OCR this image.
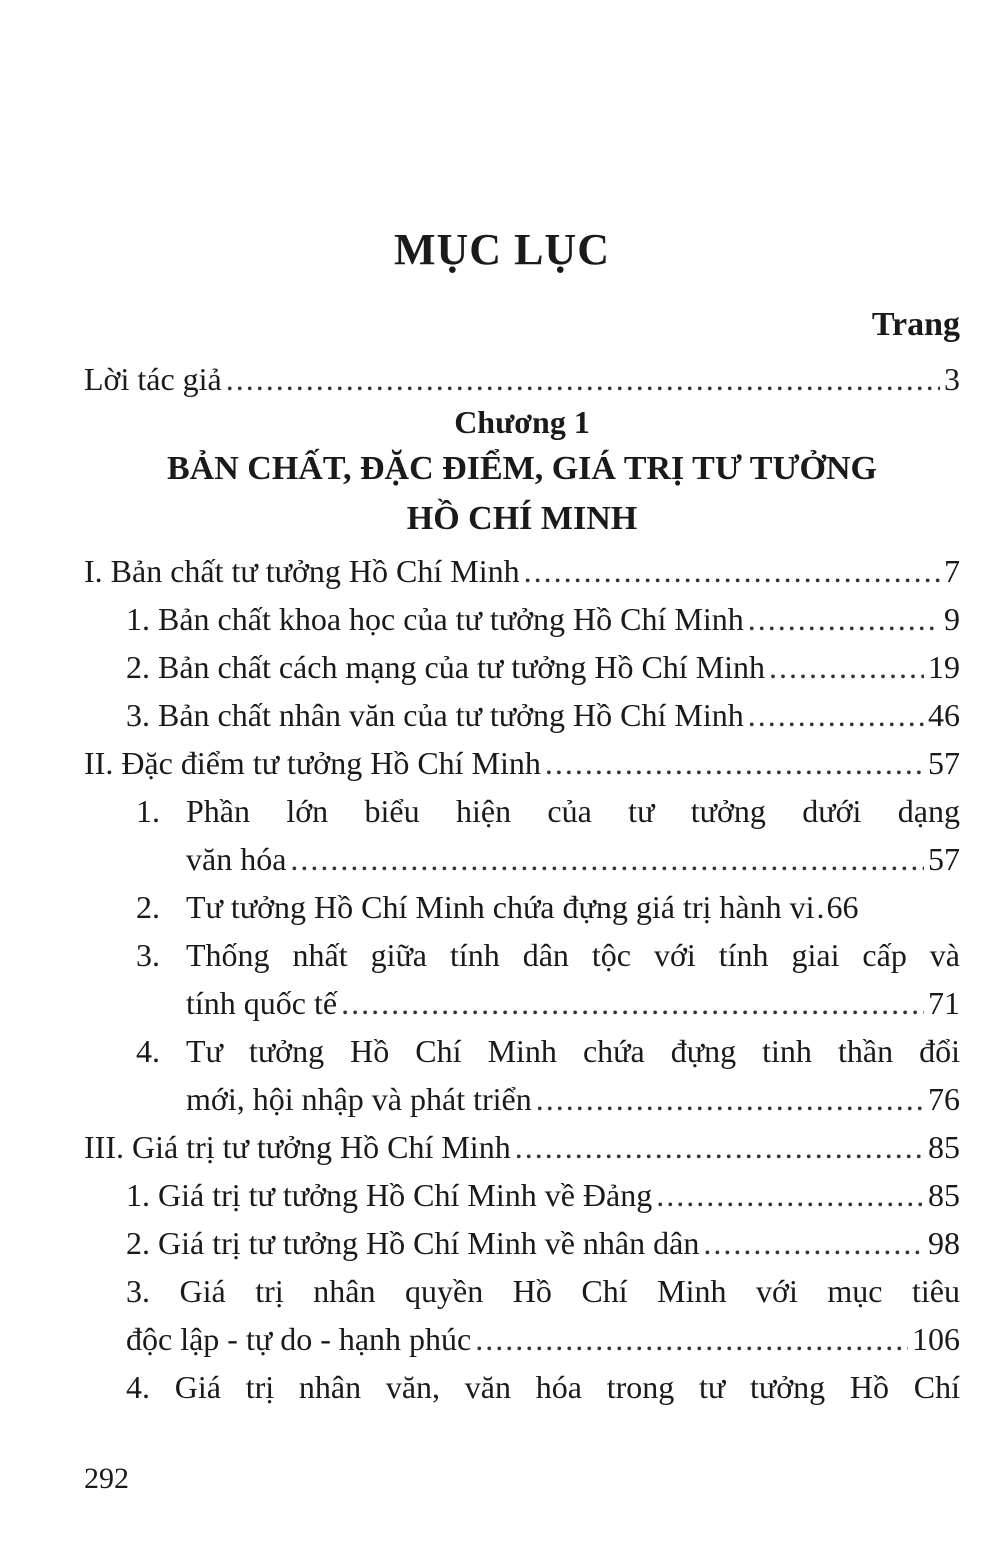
MỤC LỤC
Trang
Lời tác giả .....	3
Chương 1
BẢN CHẤT, ĐẶC ĐIỂM, GIÁ TRỊ TƯ TƯỞNG
HỒ CHÍ MINH
I. Bản chất tư tưởng Hồ Chí Minh .....	7
1. Bản chất khoa học của tư tưởng Hồ Chí Minh .....	9
2. Bản chất cách mạng của tư tưởng Hồ Chí Minh .....	19
3. Bản chất nhân văn của tư tưởng Hồ Chí Minh .....	46
II. Đặc điểm tư tưởng Hồ Chí Minh .....	57
1. Phần lớn biểu hiện của tư tưởng dưới dạng
văn hóa .....	57
2. Tư tưởng Hồ Chí Minh chứa đựng giá trị hành vi . 66
3. Thống nhất giữa tính dân tộc với tính giai cấp và
tính quốc tế .....	71
4. Tư tưởng Hồ Chí Minh chứa đựng tinh thần đổi
mới, hội nhập và phát triển .....	76
III. Giá trị tư tưởng Hồ Chí Minh .....	85
1. Giá trị tư tưởng Hồ Chí Minh về Đảng .....	85
2. Giá trị tư tưởng Hồ Chí Minh về nhân dân .....	98
3. Giá trị nhân quyền Hồ Chí Minh với mục tiêu
độc lập - tự do - hạnh phúc .....	106
4. Giá trị nhân văn, văn hóa trong tư tưởng Hồ Chí
292
